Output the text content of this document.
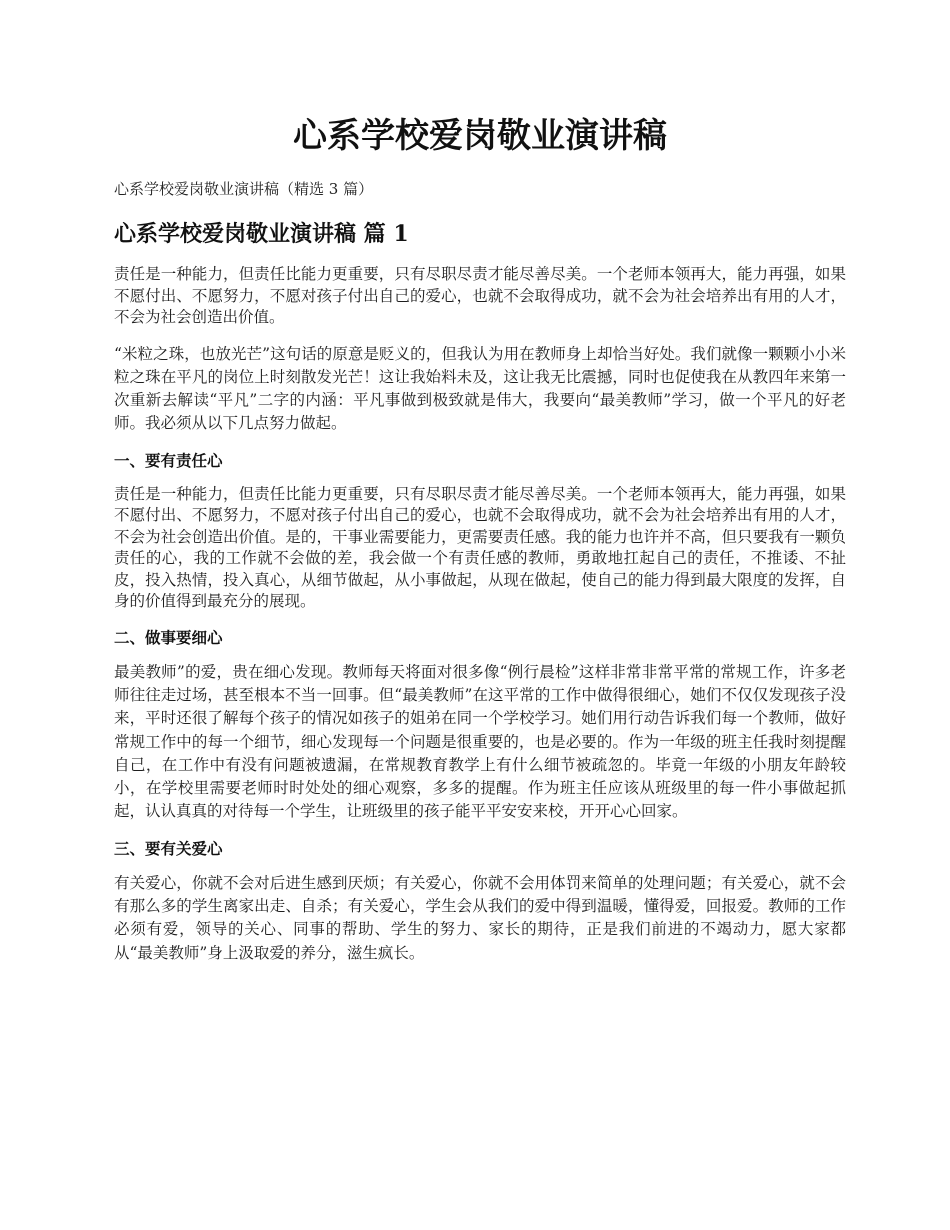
心系学校爱岗敬业演讲稿

心系学校爱岗敬业演讲稿（精选 3 篇）

心系学校爱岗敬业演讲稿 篇 1

责任是一种能力，但责任比能力更重要，只有尽职尽责才能尽善尽美。一个老师本领再大，能力再强，如果不愿付出、不愿努力，不愿对孩子付出自己的爱心，也就不会取得成功，就不会为社会培养出有用的人才，不会为社会创造出价值。

“米粒之珠，也放光芒”这句话的原意是贬义的，但我认为用在教师身上却恰当好处。我们就像一颗颗小小米粒之珠在平凡的岗位上时刻散发光芒！这让我始料未及，这让我无比震撼，同时也促使我在从教四年来第一次重新去解读“平凡”二字的内涵：平凡事做到极致就是伟大，我要向“最美教师”学习，做一个平凡的好老师。我必须从以下几点努力做起。

一、要有责任心

责任是一种能力，但责任比能力更重要，只有尽职尽责才能尽善尽美。一个老师本领再大，能力再强，如果不愿付出、不愿努力，不愿对孩子付出自己的爱心，也就不会取得成功，就不会为社会培养出有用的人才，不会为社会创造出价值。是的，干事业需要能力，更需要责任感。我的能力也许并不高，但只要我有一颗负责任的心，我的工作就不会做的差，我会做一个有责任感的教师，勇敢地扛起自己的责任，不推诿、不扯皮，投入热情，投入真心，从细节做起，从小事做起，从现在做起，使自己的能力得到最大限度的发挥，自身的价值得到最充分的展现。

二、做事要细心

最美教师”的爱，贵在细心发现。教师每天将面对很多像“例行晨检”这样非常非常平常的常规工作，许多老师往往走过场，甚至根本不当一回事。但“最美教师”在这平常的工作中做得很细心，她们不仅仅发现孩子没来，平时还很了解每个孩子的情况如孩子的姐弟在同一个学校学习。她们用行动告诉我们每一个教师，做好常规工作中的每一个细节，细心发现每一个问题是很重要的，也是必要的。作为一年级的班主任我时刻提醒自己，在工作中有没有问题被遗漏，在常规教育教学上有什么细节被疏忽的。毕竟一年级的小朋友年龄较小，在学校里需要老师时时处处的细心观察，多多的提醒。作为班主任应该从班级里的每一件小事做起抓起，认认真真的对待每一个学生，让班级里的孩子能平平安安来校，开开心心回家。

三、要有关爱心

有关爱心，你就不会对后进生感到厌烦；有关爱心，你就不会用体罚来简单的处理问题；有关爱心，就不会有那么多的学生离家出走、自杀；有关爱心，学生会从我们的爱中得到温暖，懂得爱，回报爱。教师的工作必须有爱，领导的关心、同事的帮助、学生的努力、家长的期待，正是我们前进的不竭动力，愿大家都从“最美教师”身上汲取爱的养分，滋生疯长。
